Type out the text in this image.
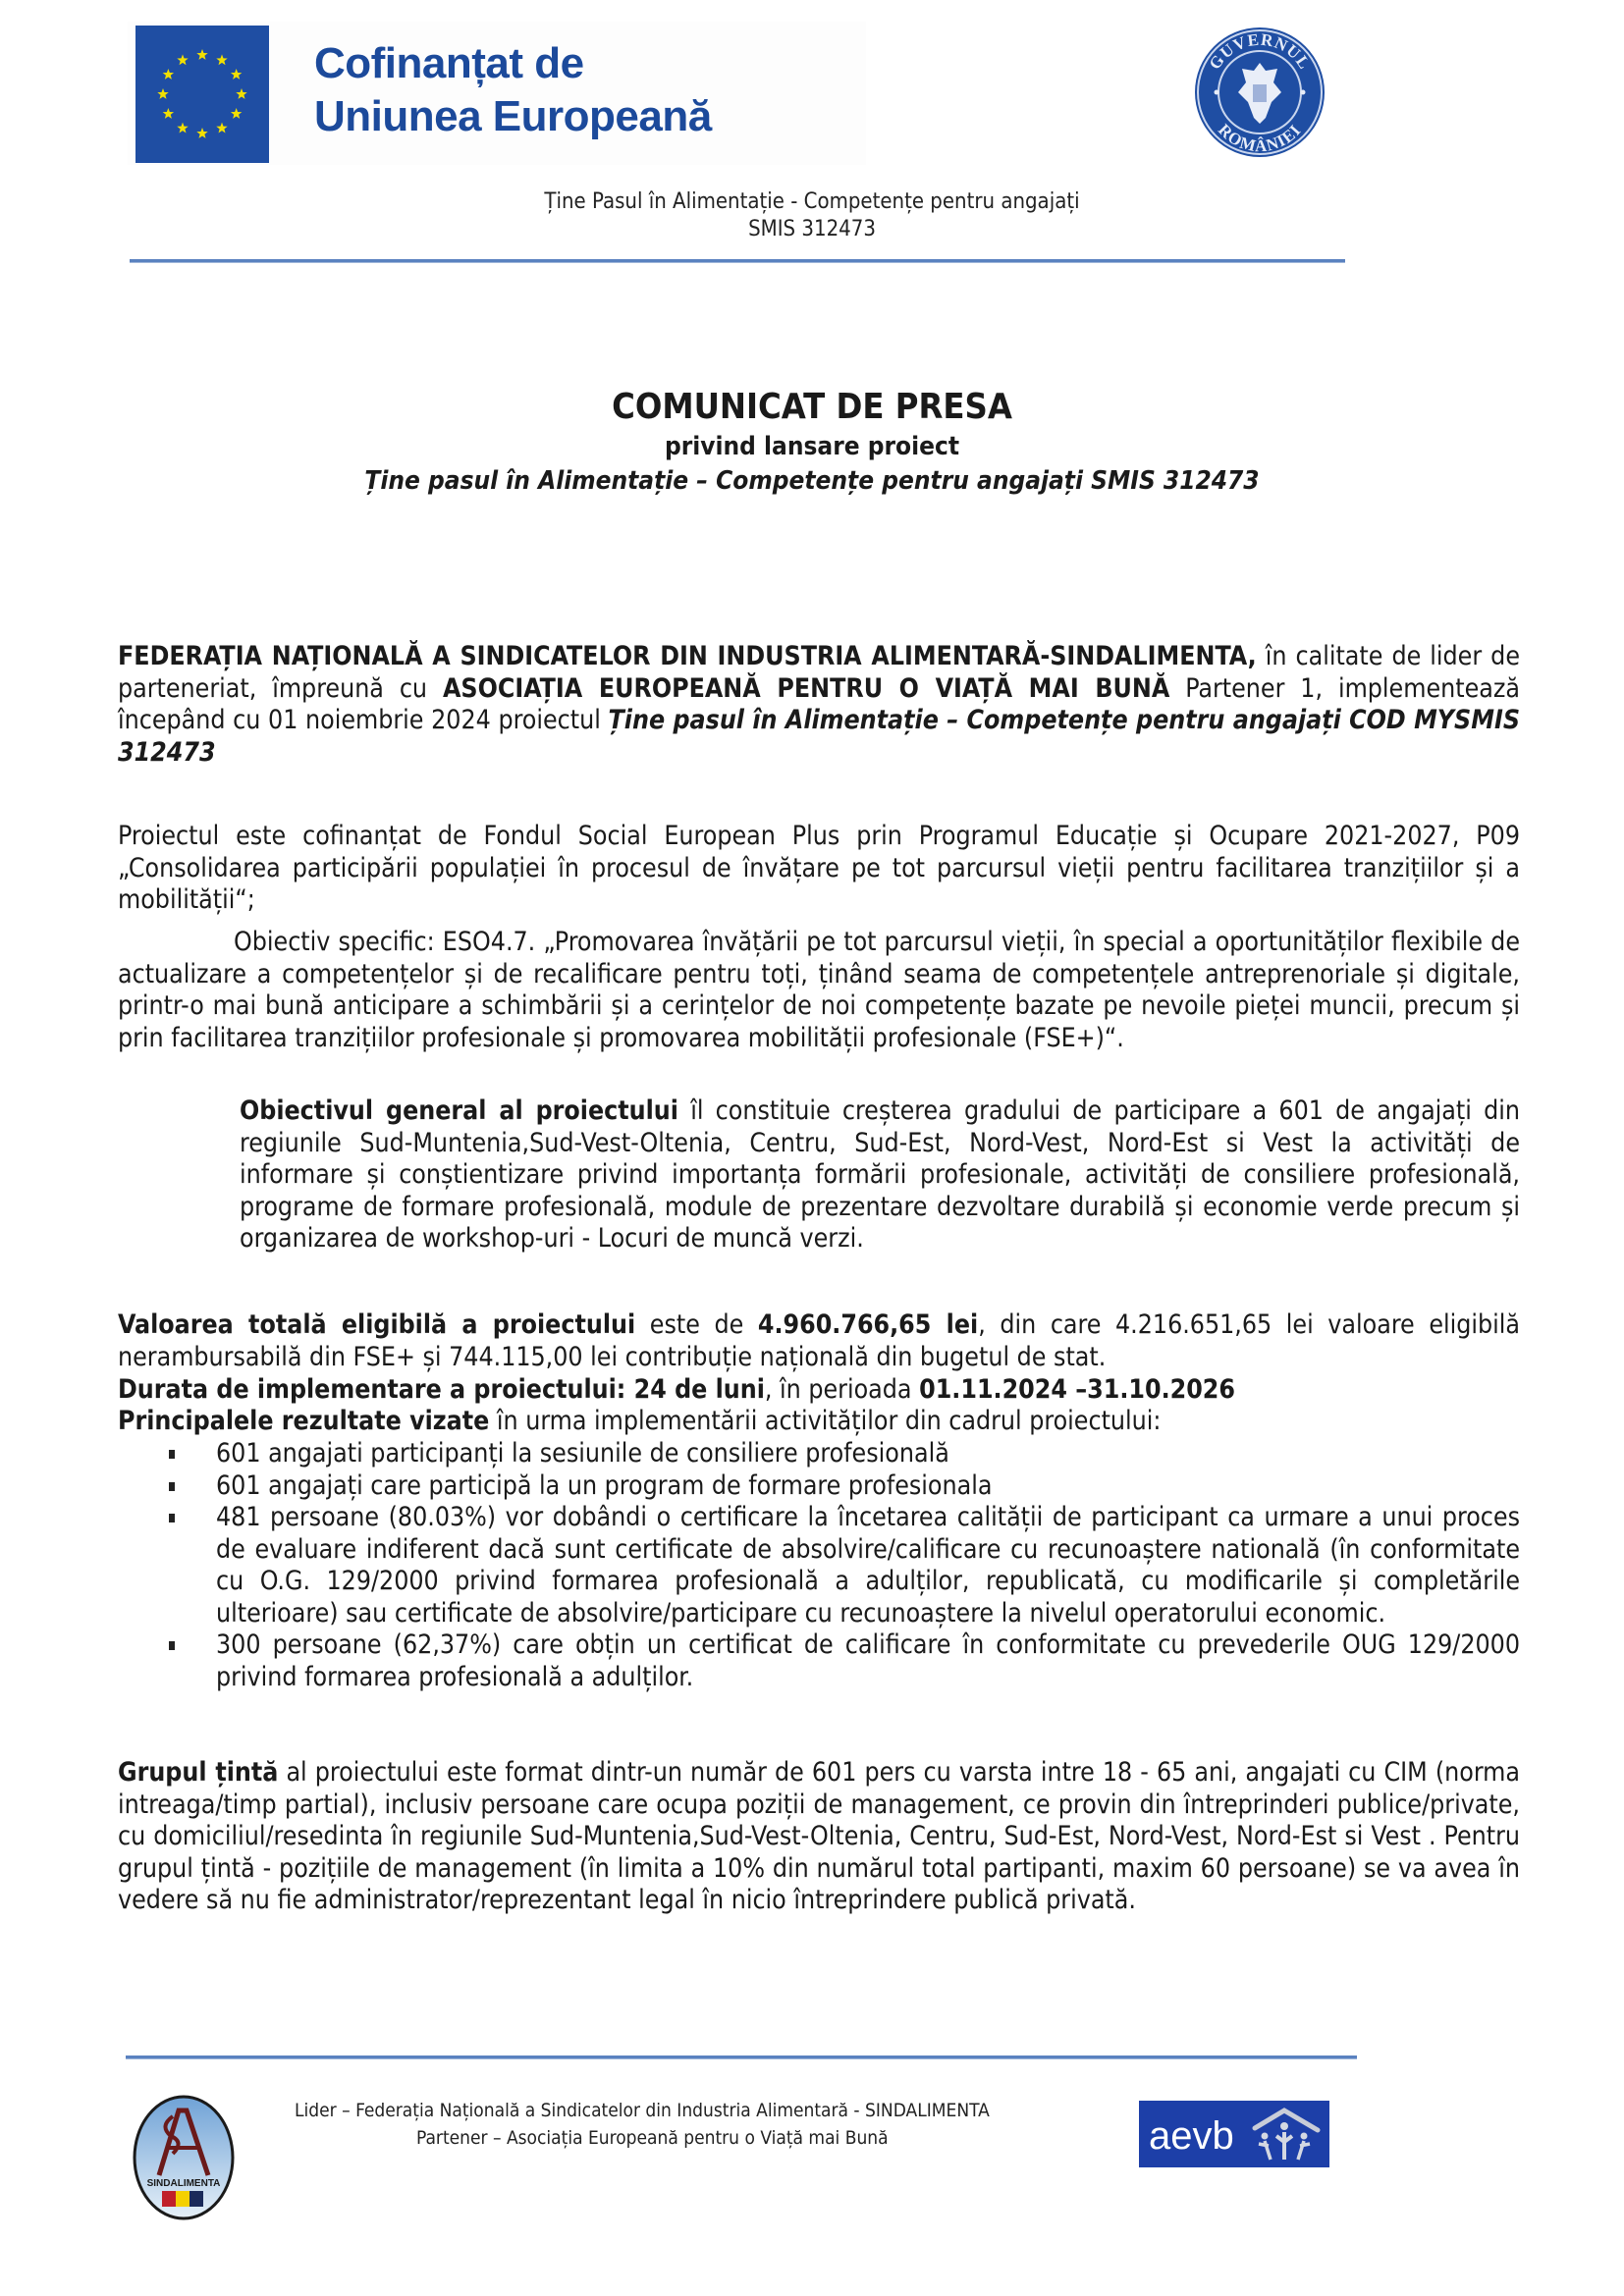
Cofinanțat de
Uniunea Europeană
GUVERNUL
ROMÂNIEI
Ține Pasul în Alimentație - Competențe pentru angajați
SMIS 312473
COMUNICAT DE PRESA
privind lansare proiect
Ține pasul în Alimentație – Competențe pentru angajați SMIS 312473
FEDERAȚIA NAȚIONALĂ A SINDICATELOR DIN INDUSTRIA ALIMENTARĂ-SINDALIMENTA, în calitate de lider de parteneriat, împreună cu ASOCIAȚIA EUROPEANĂ PENTRU O VIAȚĂ MAI BUNĂ Partener 1, implementează începând cu 01 noiembrie 2024 proiectul Ține pasul în Alimentație – Competențe pentru angajați COD MYSMIS 312473
Proiectul este cofinanțat de Fondul Social European Plus prin Programul Educație și Ocupare 2021-2027, P09 „Consolidarea participării populației în procesul de învățare pe tot parcursul vieții pentru facilitarea tranzițiilor și a mobilității“;
Obiectiv specific: ESO4.7. „Promovarea învățării pe tot parcursul vieții, în special a oportunităților flexibile de actualizare a competențelor și de recalificare pentru toți, ținând seama de competențele antreprenoriale și digitale, printr-o mai bună anticipare a schimbării și a cerințelor de noi competențe bazate pe nevoile pieței muncii, precum și prin facilitarea tranzițiilor profesionale și promovarea mobilității profesionale (FSE+)“.
Obiectivul general al proiectului îl constituie creșterea gradului de participare a 601 de angajați din regiunile Sud-Muntenia,Sud-Vest-Oltenia, Centru, Sud-Est, Nord-Vest, Nord-Est si Vest la activități de informare și conștientizare privind importanța formării profesionale, activități de consiliere profesională, programe de formare profesională, module de prezentare dezvoltare durabilă și economie verde precum și organizarea de workshop-uri - Locuri de muncă verzi.
Valoarea totală eligibilă a proiectului este de 4.960.766,65 lei, din care 4.216.651,65 lei valoare eligibilă nerambursabilă din FSE+ și 744.115,00 lei contribuție națională din bugetul de stat.
Durata de implementare a proiectului: 24 de luni, în perioada 01.11.2024 –31.10.2026
Principalele rezultate vizate în urma implementării activităților din cadrul proiectului:
601 angajati participanți la sesiunile de consiliere profesională
601 angajați care participă la un program de formare profesionala
481 persoane (80.03%) vor dobândi o certificare la încetarea calității de participant ca urmare a unui proces de evaluare indiferent dacă sunt certificate de absolvire/calificare cu recunoaștere natională (în conformitate cu O.G. 129/2000 privind formarea profesională a adulților, republicată, cu modificarile și completările ulterioare) sau certificate de absolvire/participare cu recunoaștere la nivelul operatorului economic.
300 persoane (62,37%) care obțin un certificat de calificare în conformitate cu prevederile OUG 129/2000 privind formarea profesională a adulților.
Grupul țintă al proiectului este format dintr-un număr de 601 pers cu varsta intre 18 - 65 ani, angajati cu CIM (norma intreaga/timp partial), inclusiv persoane care ocupa poziții de management, ce provin din întreprinderi publice/private, cu domiciliul/resedinta în regiunile Sud-Muntenia,Sud-Vest-Oltenia, Centru, Sud-Est, Nord-Vest, Nord-Est si Vest . Pentru grupul țintă - pozițiile de management (în limita a 10% din numărul total partipanti, maxim 60 persoane) se va avea în vedere să nu fie administrator/reprezentant legal în nicio întreprindere publică privată.
SINDALIMENTA
Lider – Federația Națională a Sindicatelor din Industria Alimentară - SINDALIMENTA
Partener – Asociația Europeană pentru o Viață mai Bună	aevb
